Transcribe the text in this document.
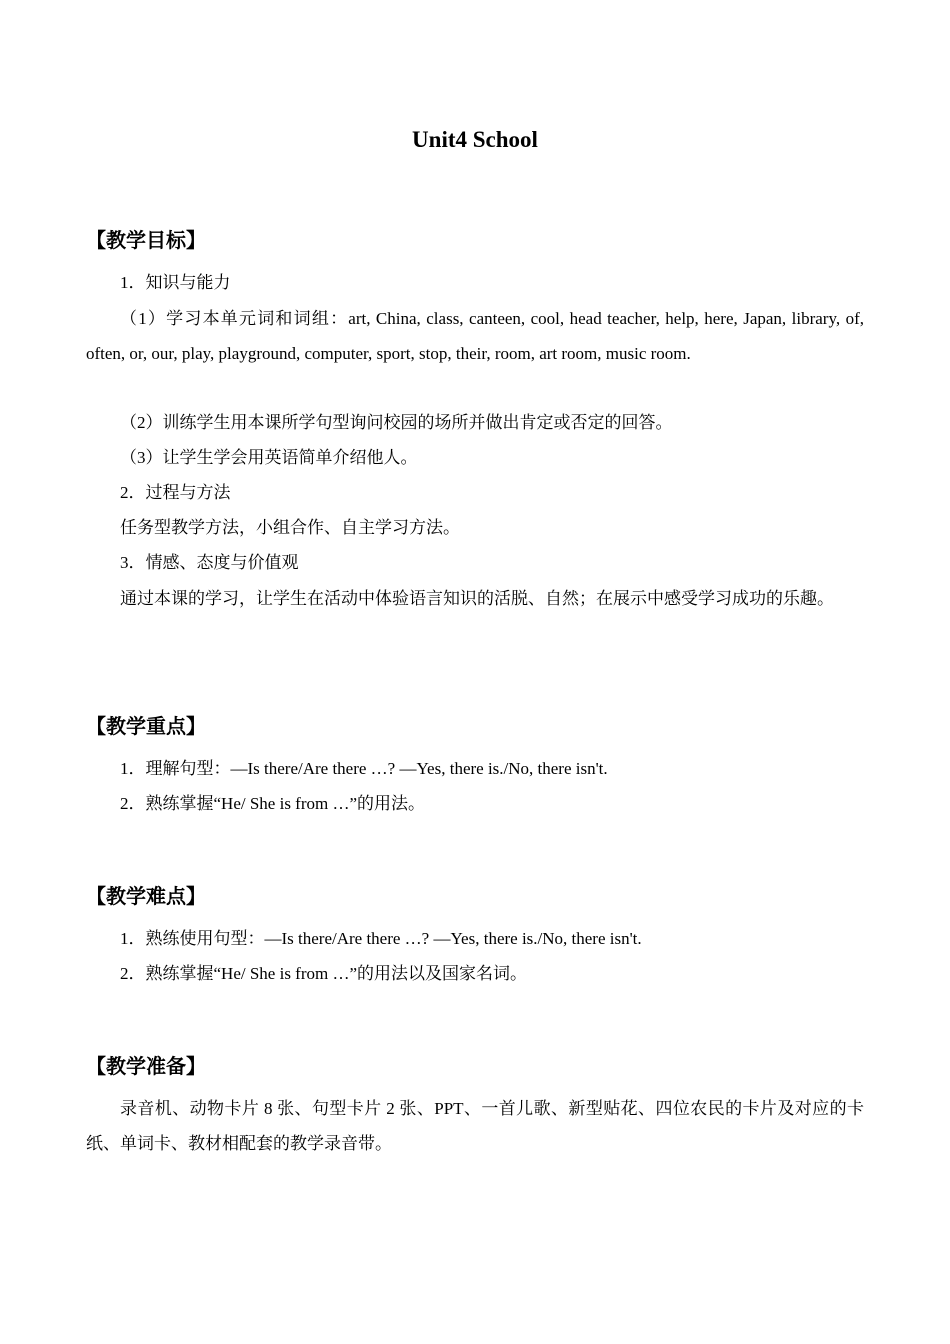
Unit4 School
【教学目标】
1．知识与能力
（1）学习本单元词和词组：art, China, class, canteen, cool, head teacher, help, here, Japan, library, of, often, or, our, play, playground, computer, sport, stop, their, room, art room, music room.
（2）训练学生用本课所学句型询问校园的场所并做出肯定或否定的回答。
（3）让学生学会用英语简单介绍他人。
2．过程与方法
任务型教学方法，小组合作、自主学习方法。
3．情感、态度与价值观
通过本课的学习，让学生在活动中体验语言知识的活脱、自然；在展示中感受学习成功的乐趣。
【教学重点】
1．理解句型：—Is there/Are there …? —Yes, there is./No, there isn't.
2．熟练掌握“He/ She is from …”的用法。
【教学难点】
1．熟练使用句型：—Is there/Are there …? —Yes, there is./No, there isn't.
2．熟练掌握“He/ She is from …”的用法以及国家名词。
【教学准备】
录音机、动物卡片 8 张、句型卡片 2 张、PPT、一首儿歌、新型贴花、四位农民的卡片及对应的卡纸、单词卡、教材相配套的教学录音带。
